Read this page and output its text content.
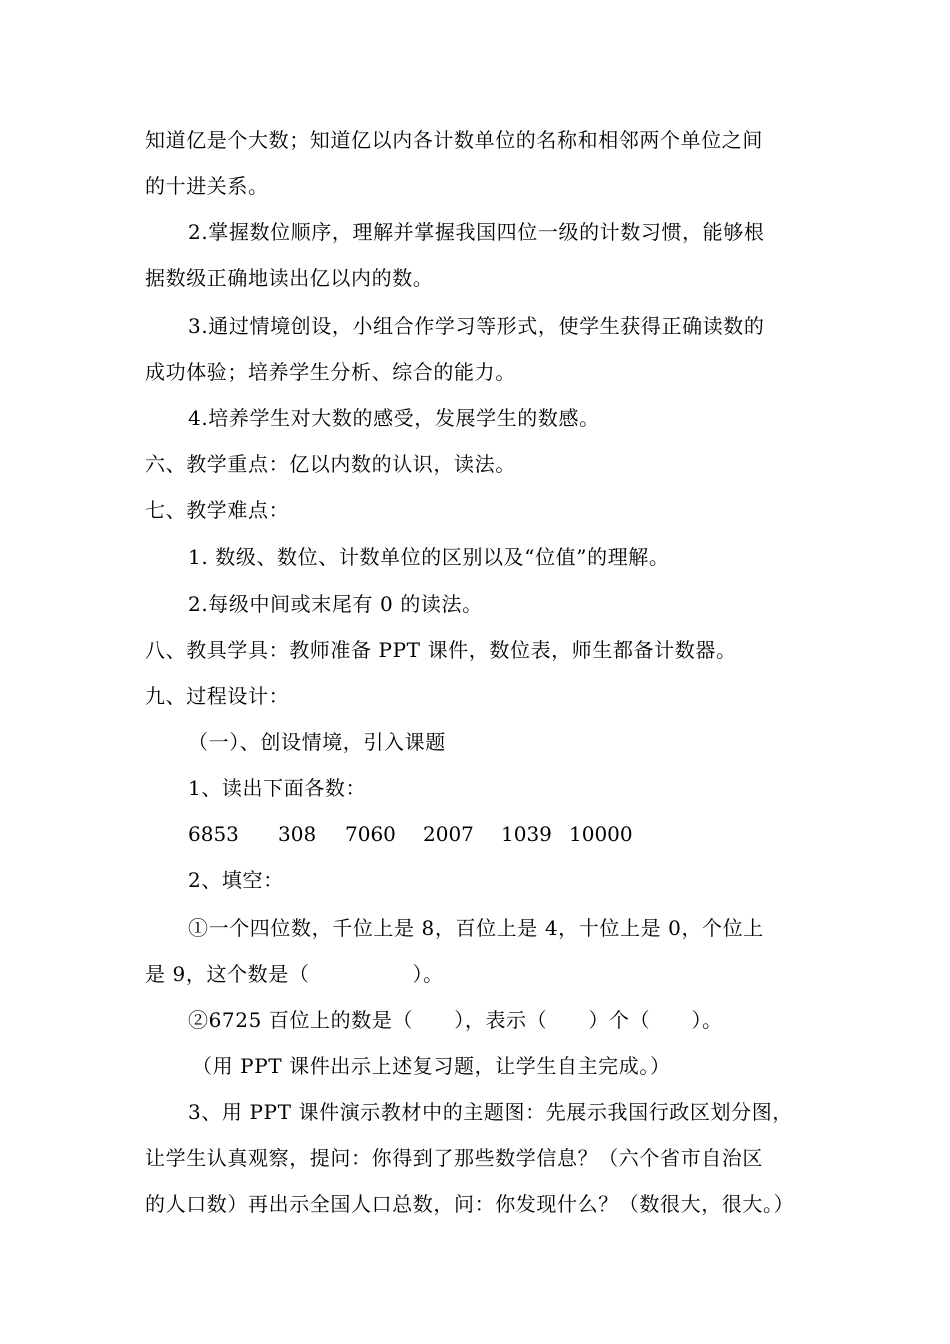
知道亿是个大数；知道亿以内各计数单位的名称和相邻两个单位之间
的十进关系。
2.掌握数位顺序，理解并掌握我国四位一级的计数习惯，能够根
据数级正确地读出亿以内的数。
3.通过情境创设，小组合作学习等形式，使学生获得正确读数的
成功体验；培养学生分析、综合的能力。
4.培养学生对大数的感受，发展学生的数感。
六、教学重点：亿以内数的认识，读法。
七、教学难点：
1. 数级、数位、计数单位的区别以及“位值”的理解。
2.每级中间或末尾有 0 的读法。
八、教具学具：教师准备 PPT 课件，数位表，师生都备计数器。
九、过程设计：
（一）、创设情境，引入课题
1、读出下面各数：
6853 308 7060 2007 1039 10000
2、填空：
①一个四位数，千位上是 8，百位上是 4，十位上是 0，个位上
是 9，这个数是（　　　　　）。
②6725 百位上的数是（　　），表示（　　）个（　　）。
（用 PPT 课件出示上述复习题，让学生自主完成。）
3、用 PPT 课件演示教材中的主题图：先展示我国行政区划分图，
让学生认真观察，提问：你得到了那些数学信息？（六个省市自治区
的人口数）再出示全国人口总数，问：你发现什么？（数很大，很大。）
